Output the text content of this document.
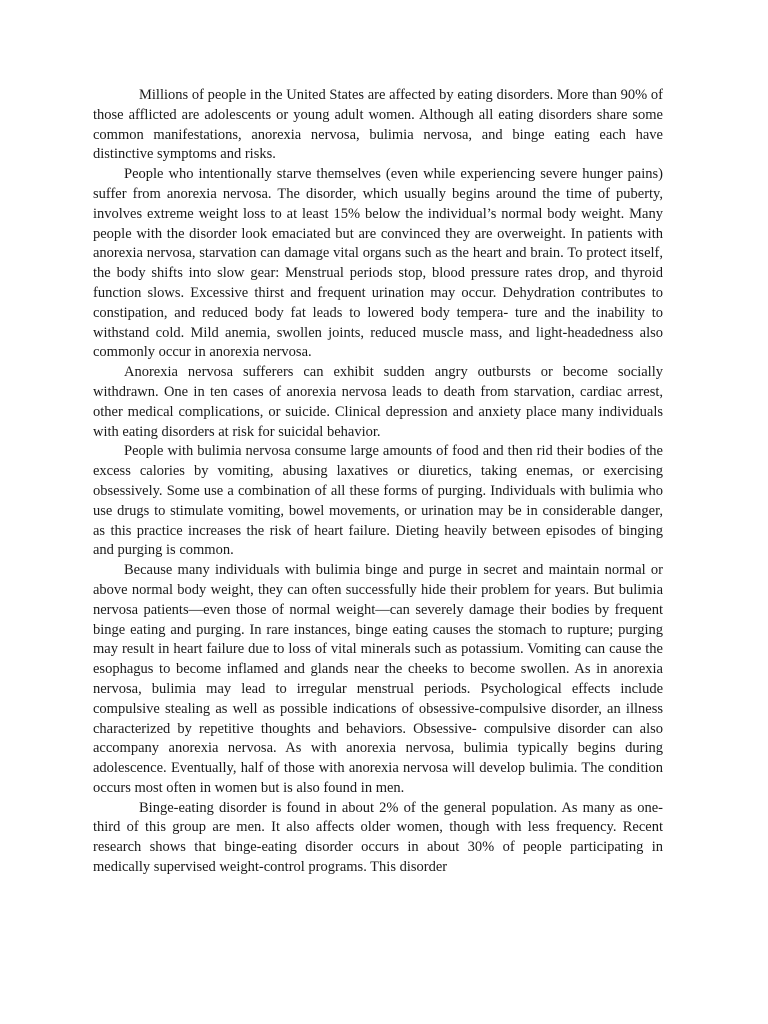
Millions of people in the United States are affected by eating disorders. More than 90% of those afflicted are adolescents or young adult women. Although all eating disorders share some common manifestations, anorexia nervosa, bulimia nervosa, and binge eating each have distinctive symptoms and risks.

People who intentionally starve themselves (even while experiencing severe hunger pains) suffer from anorexia nervosa. The disorder, which usually begins around the time of puberty, involves extreme weight loss to at least 15% below the individual’s normal body weight. Many people with the disorder look emaciated but are convinced they are overweight. In patients with anorexia nervosa, starvation can damage vital organs such as the heart and brain. To protect itself, the body shifts into slow gear: Menstrual periods stop, blood pressure rates drop, and thyroid function slows. Excessive thirst and frequent urination may occur. Dehydration contributes to constipation, and reduced body fat leads to lowered body tempera- ture and the inability to withstand cold. Mild anemia, swollen joints, reduced muscle mass, and light-headedness also commonly occur in anorexia nervosa.

Anorexia nervosa sufferers can exhibit sudden angry outbursts or become socially withdrawn. One in ten cases of anorexia nervosa leads to death from starvation, cardiac arrest, other medical complications, or suicide. Clinical depression and anxiety place many individuals with eating disorders at risk for suicidal behavior.

People with bulimia nervosa consume large amounts of food and then rid their bodies of the excess calories by vomiting, abusing laxatives or diuretics, taking enemas, or exercising obsessively. Some use a combination of all these forms of purging. Individuals with bulimia who use drugs to stimulate vomiting, bowel movements, or urination may be in considerable danger, as this practice increases the risk of heart failure. Dieting heavily between episodes of binging and purging is common.

Because many individuals with bulimia binge and purge in secret and maintain normal or above normal body weight, they can often successfully hide their problem for years. But bulimia nervosa patients—even those of normal weight—can severely damage their bodies by frequent binge eating and purging. In rare instances, binge eating causes the stomach to rupture; purging may result in heart failure due to loss of vital minerals such as potassium. Vomiting can cause the esophagus to become inflamed and glands near the cheeks to become swollen. As in anorexia nervosa, bulimia may lead to irregular menstrual periods. Psychological effects include compulsive stealing as well as possible indications of obsessive-compulsive disorder, an illness characterized by repetitive thoughts and behaviors. Obsessive- compulsive disorder can also accompany anorexia nervosa. As with anorexia nervosa, bulimia typically begins during adolescence. Eventually, half of those with anorexia nervosa will develop bulimia. The condition occurs most often in women but is also found in men.

Binge-eating disorder is found in about 2% of the general population. As many as one-third of this group are men. It also affects older women, though with less frequency. Recent research shows that binge-eating disorder occurs in about 30% of people participating in medically supervised weight-control programs. This disorder
